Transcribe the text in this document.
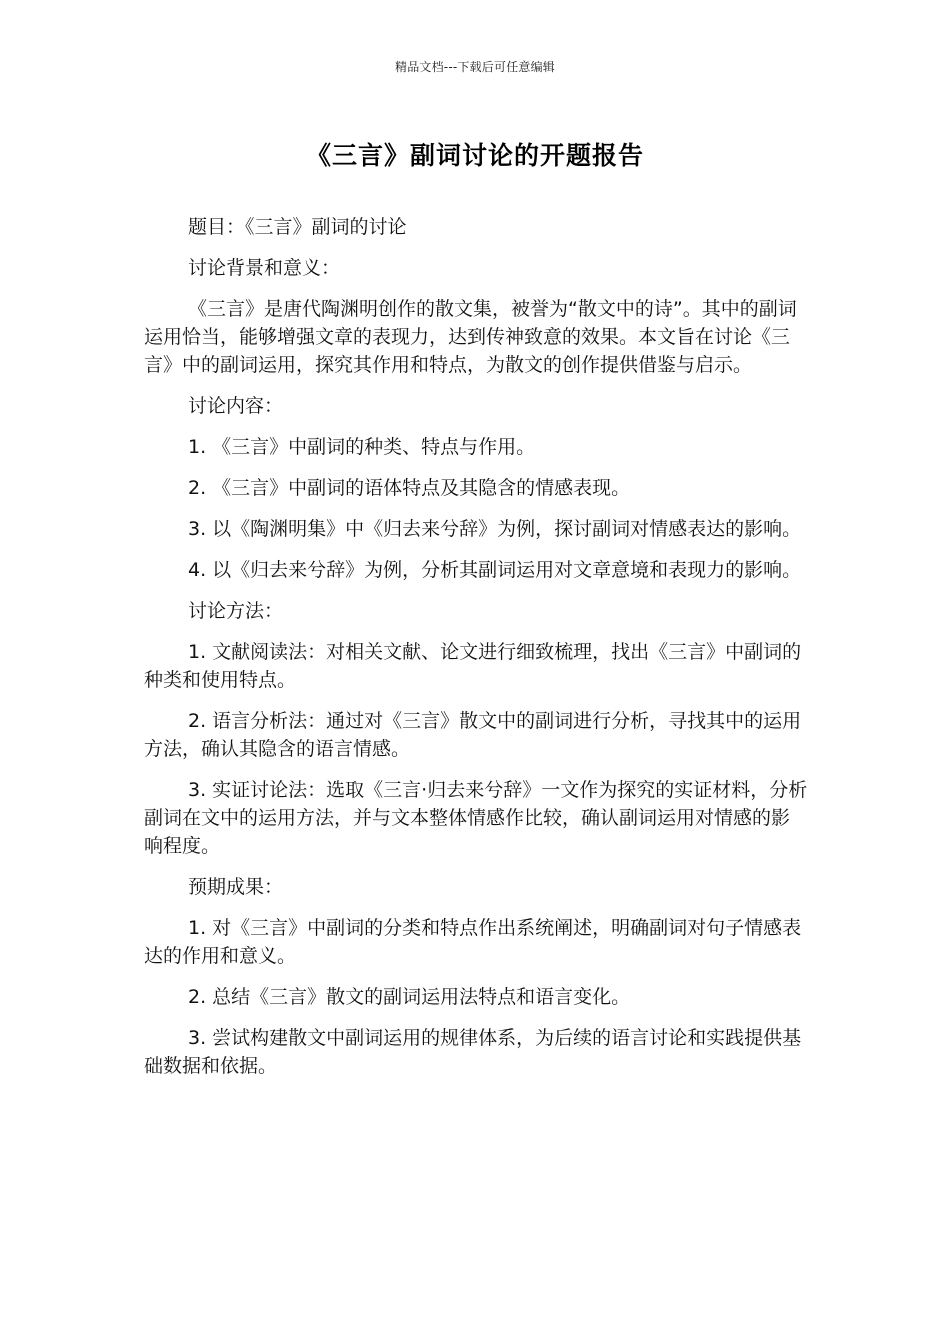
精品文档---下载后可任意编辑
《三言》副词讨论的开题报告

题目：《三言》副词的讨论

讨论背景和意义：

《三言》是唐代陶渊明创作的散文集，被誉为“散文中的诗”。其中的副词运用恰当，能够增强文章的表现力，达到传神致意的效果。本文旨在讨论《三言》中的副词运用，探究其作用和特点，为散文的创作提供借鉴与启示。

讨论内容：

1. 《三言》中副词的种类、特点与作用。

2. 《三言》中副词的语体特点及其隐含的情感表现。

3. 以《陶渊明集》中《归去来兮辞》为例，探讨副词对情感表达的影响。

4. 以《归去来兮辞》为例，分析其副词运用对文章意境和表现力的影响。

讨论方法：

1. 文献阅读法：对相关文献、论文进行细致梳理，找出《三言》中副词的种类和使用特点。

2. 语言分析法：通过对《三言》散文中的副词进行分析，寻找其中的运用方法，确认其隐含的语言情感。

3. 实证讨论法：选取《三言·归去来兮辞》一文作为探究的实证材料，分析副词在文中的运用方法，并与文本整体情感作比较，确认副词运用对情感的影响程度。

预期成果：

1. 对《三言》中副词的分类和特点作出系统阐述，明确副词对句子情感表达的作用和意义。

2. 总结《三言》散文的副词运用法特点和语言变化。

3. 尝试构建散文中副词运用的规律体系，为后续的语言讨论和实践提供基础数据和依据。
